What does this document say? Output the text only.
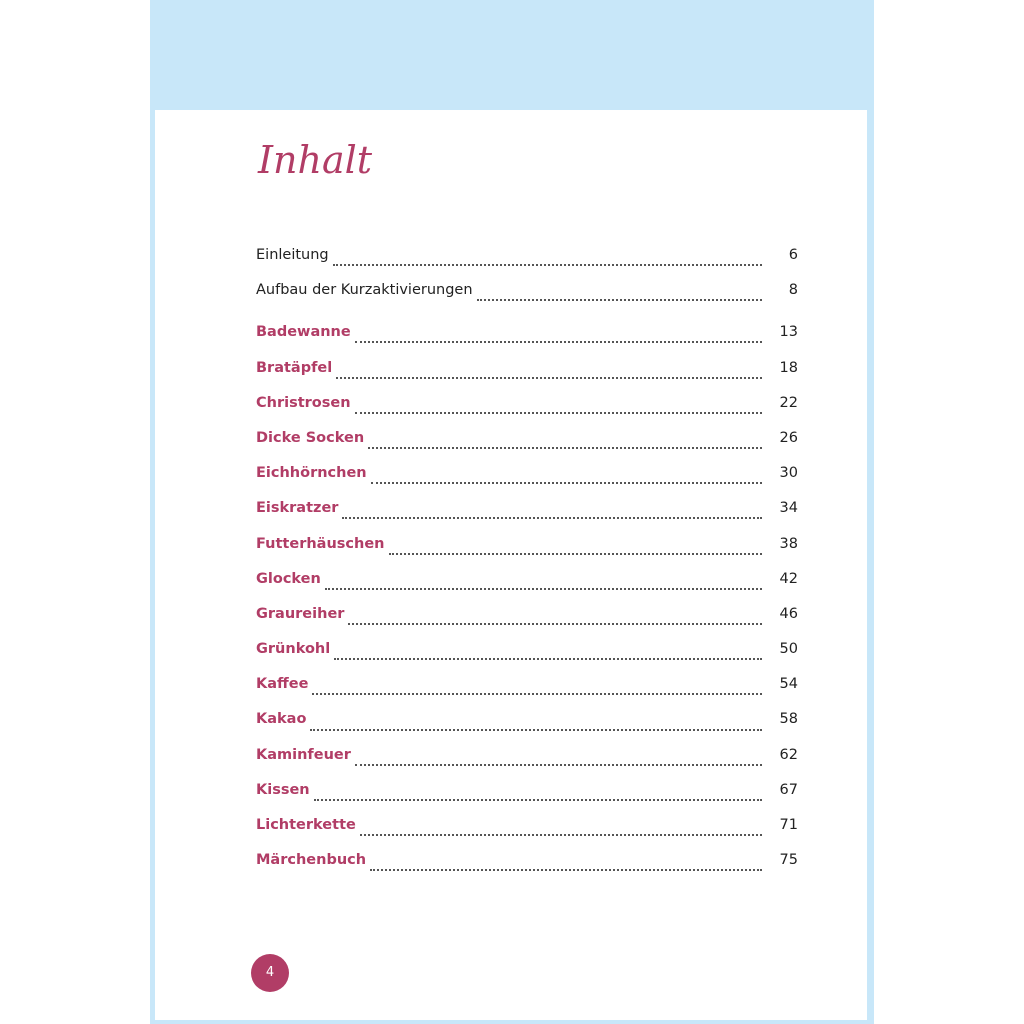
Inhalt
Einleitung	6
Aufbau der Kurzaktivierungen	8
Badewanne	13
Bratäpfel	18
Christrosen	22
Dicke Socken	26
Eichhörnchen	30
Eiskratzer	34
Futterhäuschen	38
Glocken	42
Graureiher	46
Grünkohl	50
Kaffee	54
Kakao	58
Kaminfeuer	62
Kissen	67
Lichterkette	71
Märchenbuch	75
4
